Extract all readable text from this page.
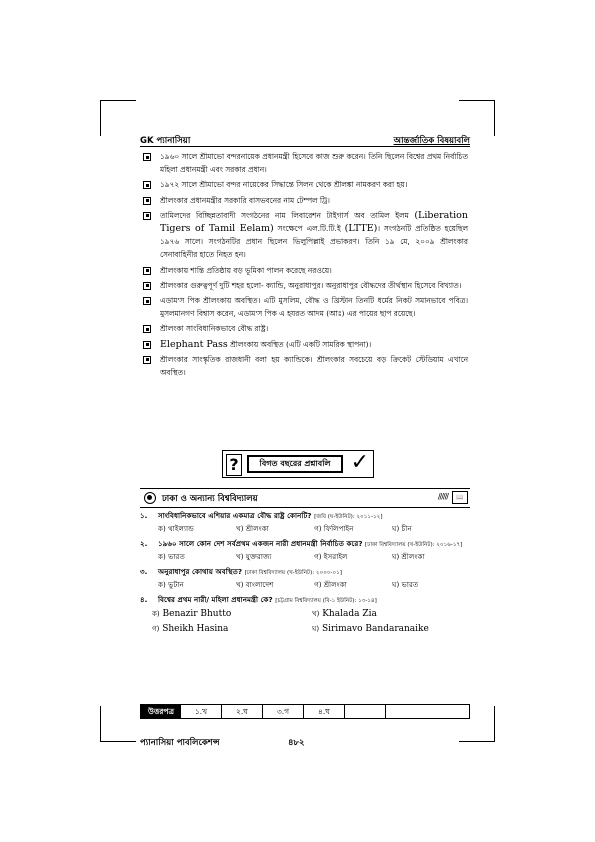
GK প্যানাসিয়া	আন্তর্জাতিক বিষয়াবলি
১৯৬০ সালে শ্রীমাভো বন্দরনায়েক প্রধানমন্ত্রী হিসেবে কাজ শুরু করেন। তিনি ছিলেন বিশ্বের প্রথম নির্বাচিত মহিলা প্রধানমন্ত্রী এবং সরকার প্রধান।
১৯৭২ সালে শ্রীমাভো বন্দর নায়েকের সিদ্ধান্তে সিলন থেকে শ্রীলঙ্কা নামকরণ করা হয়।
শ্রীলংকার প্রধানমন্ত্রীর সরকারি বাসভবনের নাম টেম্পল ট্রি।
তামিলদের বিচ্ছিন্নতাবাদী সংগঠনের নাম লিবারেশন টাইগার্স অব তামিল ইলম (Liberation Tigers of Tamil Eelam) সংক্ষেপে এল.টি.টি.ই (LTTE)। সংগঠনটি প্রতিষ্ঠিত হয়েছিল ১৯৭৬ সালে। সংগঠনটির প্রধান ছিলেন ভিলুপিল্লাই প্রভাকরণ। তিনি ১৯ মে, ২০০৯ শ্রীলংকার সেনাবাহিনীর হাতে নিহত হন।
শ্রীলংকায় শান্তি প্রতিষ্ঠায় বড় ভূমিকা পালন করেছে নরওয়ে।
শ্রীলংকার গুরুত্বপূর্ণ দুটি শহর হলো- ক্যান্ডি, অনুরাধাপুর। অনুরাধাপুর বৌদ্ধদের তীর্থস্থান হিসেবে বিখ্যাত।
এডাম'স পিক শ্রীলংকায় অবস্থিত। এটি মুসলিম, বৌদ্ধ ও খ্রিস্টান তিনটি ধর্মের নিকট সমানভাবে পবিত্র। মুসলমানগণ বিশ্বাস করেন, এডাম'স পিক এ হযরত আদম (আঃ) এর পায়ের ছাপ রয়েছে।
শ্রীলংকা সাংবিধানিকভাবে বৌদ্ধ রাষ্ট্র।
Elephant Pass শ্রীলংকায় অবস্থিত (এটি একটি সামরিক স্থাপনা)।
শ্রীলংকার সাংস্কৃতিক রাজধানী বলা হয় ক্যান্ডিকে। শ্রীলংকার সবচেয়ে বড় ক্রিকেট স্টেডিয়াম এখানে অবস্থিত।
?	বিগত বছরের প্রশ্নাবলি ✓
ঢাকা ও অন্যান্য বিশ্ববিদ্যালয়	//////	📖
১. সাংবিধানিকভাবে এশিয়ার একমাত্র বৌদ্ধ রাষ্ট্র কোনটি? [জবি (ঘ-ইউনিট): ২০১১-১২]
ক) থাইল্যান্ড	খ) শ্রীলংকা	গ) ফিলিপাইন	ঘ) চীন
২. ১৯৬০ সালে কোন দেশ সর্বপ্রথম একজন নারী প্রধানমন্ত্রী নির্বাচিত করে? [ঢাকা বিশ্ববিদ্যালয় (খ-ইউনিট): ২০১৬-১৭]
ক) ভারত	খ) যুক্তরাজ্য	গ) ইসরাইল	ঘ) শ্রীলংকা
৩. অনুরাধাপুর কোথায় অবস্থিত? [ঢাকা বিশ্ববিদ্যালয় (খ-ইউনিট): ২০০০-০১]
ক) ভুটান	খ) বাংলাদেশ	গ) শ্রীলংকা	ঘ) ভারত
৪. বিশ্বের প্রথম নারী/ মহিলা প্রধানমন্ত্রী কে? [চট্টগ্রাম বিশ্ববিদ্যালয় (বি-১ ইউনিট): ১৩-১৪]
ক) Benazir Bhutto	খ) Khalada Zia
গ) Sheikh Hasina	ঘ) Sirimavo Bandaranaike
উত্তরপত্র	১.খ	২.ঘ	৩.গ	৪.ঘ
প্যানাসিয়া পাবলিকেশন্স	৪৮২
